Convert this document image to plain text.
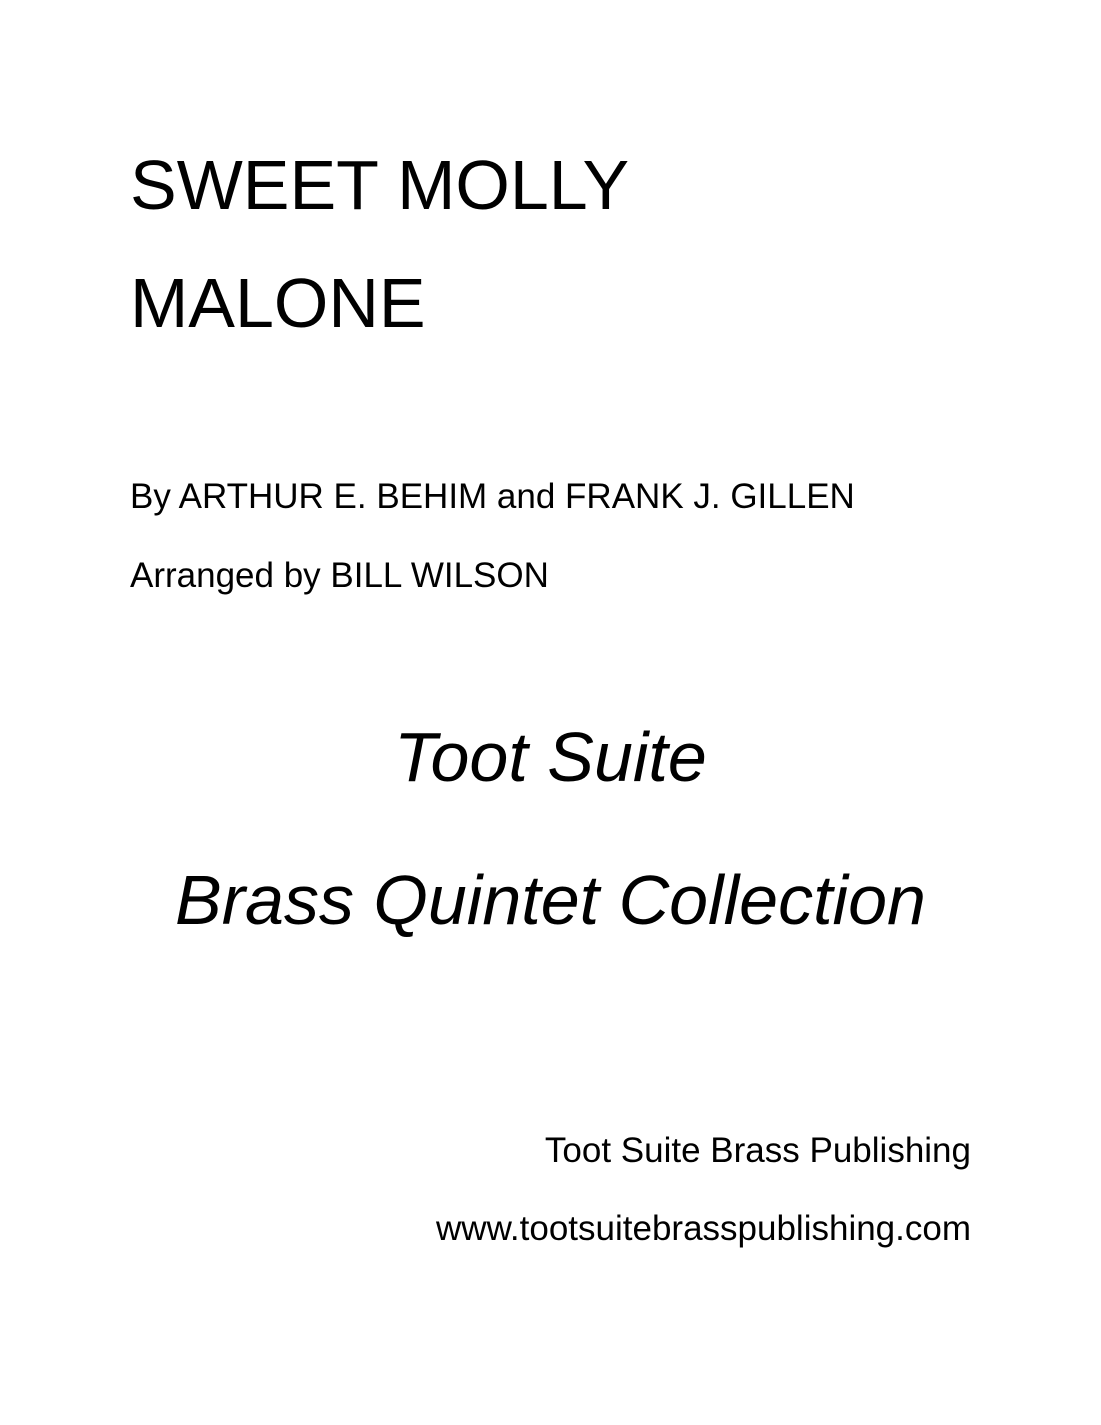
SWEET MOLLY
MALONE
By ARTHUR E. BEHIM and FRANK J. GILLEN
Arranged by BILL WILSON
Toot Suite
Brass Quintet Collection
Toot Suite Brass Publishing
www.tootsuitebrasspublishing.com
